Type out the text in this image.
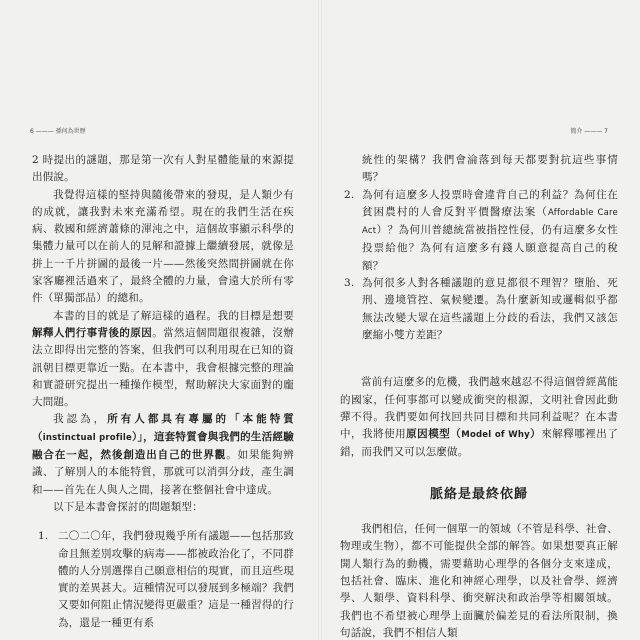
6 ——— 孫何為世歷

2 時提出的謎題，那是第一次有人對星體能量的來源提出假說。

我覺得這樣的堅持與隨後帶來的發現，是人類少有的成就，讓我對未來充滿希望。現在的我們生活在疾病、救國和經濟蕭條的渾沌之中，這個故事顯示科學的集體力量可以在前人的見解和證據上繼續發展，就像是拼上一千片拼圖的最後一片——然後突然間拼圖就在你家客廳裡活過來了，最終全體的力量，會遠大於所有零件（單獨部品）的總和。

本書的目的就是了解這樣的過程。我的目標是想要解釋人們行事背後的原因。當然這個問題很複雜，沒辦法立即得出完整的答案，但我們可以利用現在已知的資訊朝目標更靠近一點。在本書中，我會根據完整的理論和實證研究提出一種操作模型，幫助解決大家面對的龐大問題。

我認為，所有人都具有專屬的「本能特質（instinctual profile）」，這套特質會與我們的生活經驗融合在一起，然後創造出自己的世界觀。如果能夠辨識、了解別人的本能特質，那就可以消弭分歧，產生調和——首先在人與人之間，接著在整個社會中達成。

以下是本書會探討的問題類型：

1. 二〇二〇年，我們發現幾乎所有議題——包括那致命且無差別攻擊的病毒——都被政治化了，不同群體的人分別選擇自己願意相信的現實，而且這些現實的差異甚大。這種情況可以發展到多極端？我們又要如何阻止情況變得更嚴重？這是一種習得的行為，還是一種更有系
簡介 ——— 7
統性的架構？我們會淪落到每天都要對抗這些事情嗎？
2. 為何有這麼多人投票時會違背自己的利益？為何住在貧困農村的人會反對平價醫療法案（Affordable Care Act）？為何川普總統當被指控性侵，仍有這麼多女性投票給他？為何有這麼多有錢人願意提高自己的稅額？
3. 為何很多人對各種議題的意見都很不理智？墮胎、死刑、邊境管控、氣候變遷。為什麼新知或邏輯似乎都無法改變大眾在這些議題上分歧的看法，我們又該怎麼縮小雙方差距？

當前有這麼多的危機，我們越來越忍不得這個曾經萬能的國家，任何事都可以變成衝突的根源，文明社會因此動彈不得。我們要如何找回共同目標和共同利益呢？在本書中，我將使用原因模型（Model of Why）來解釋哪裡出了錯，而我們又可以怎麼做。

脈絡是最終依歸

我們相信，任何一個單一的領域（不管是科學、社會、物理或生物），都不可能提供全部的解答。如果想要真正解開人類行為的動機，需要藉助心理學的各個分支來達成，包括社會、臨床、進化和神經心理學，以及社會學、經濟學、人類學、資料科學、衝突解決和政治學等相關領域。我們也不希望被心理學上面臟於偏差見的看法所限制，換句話說，我們不相信人類
